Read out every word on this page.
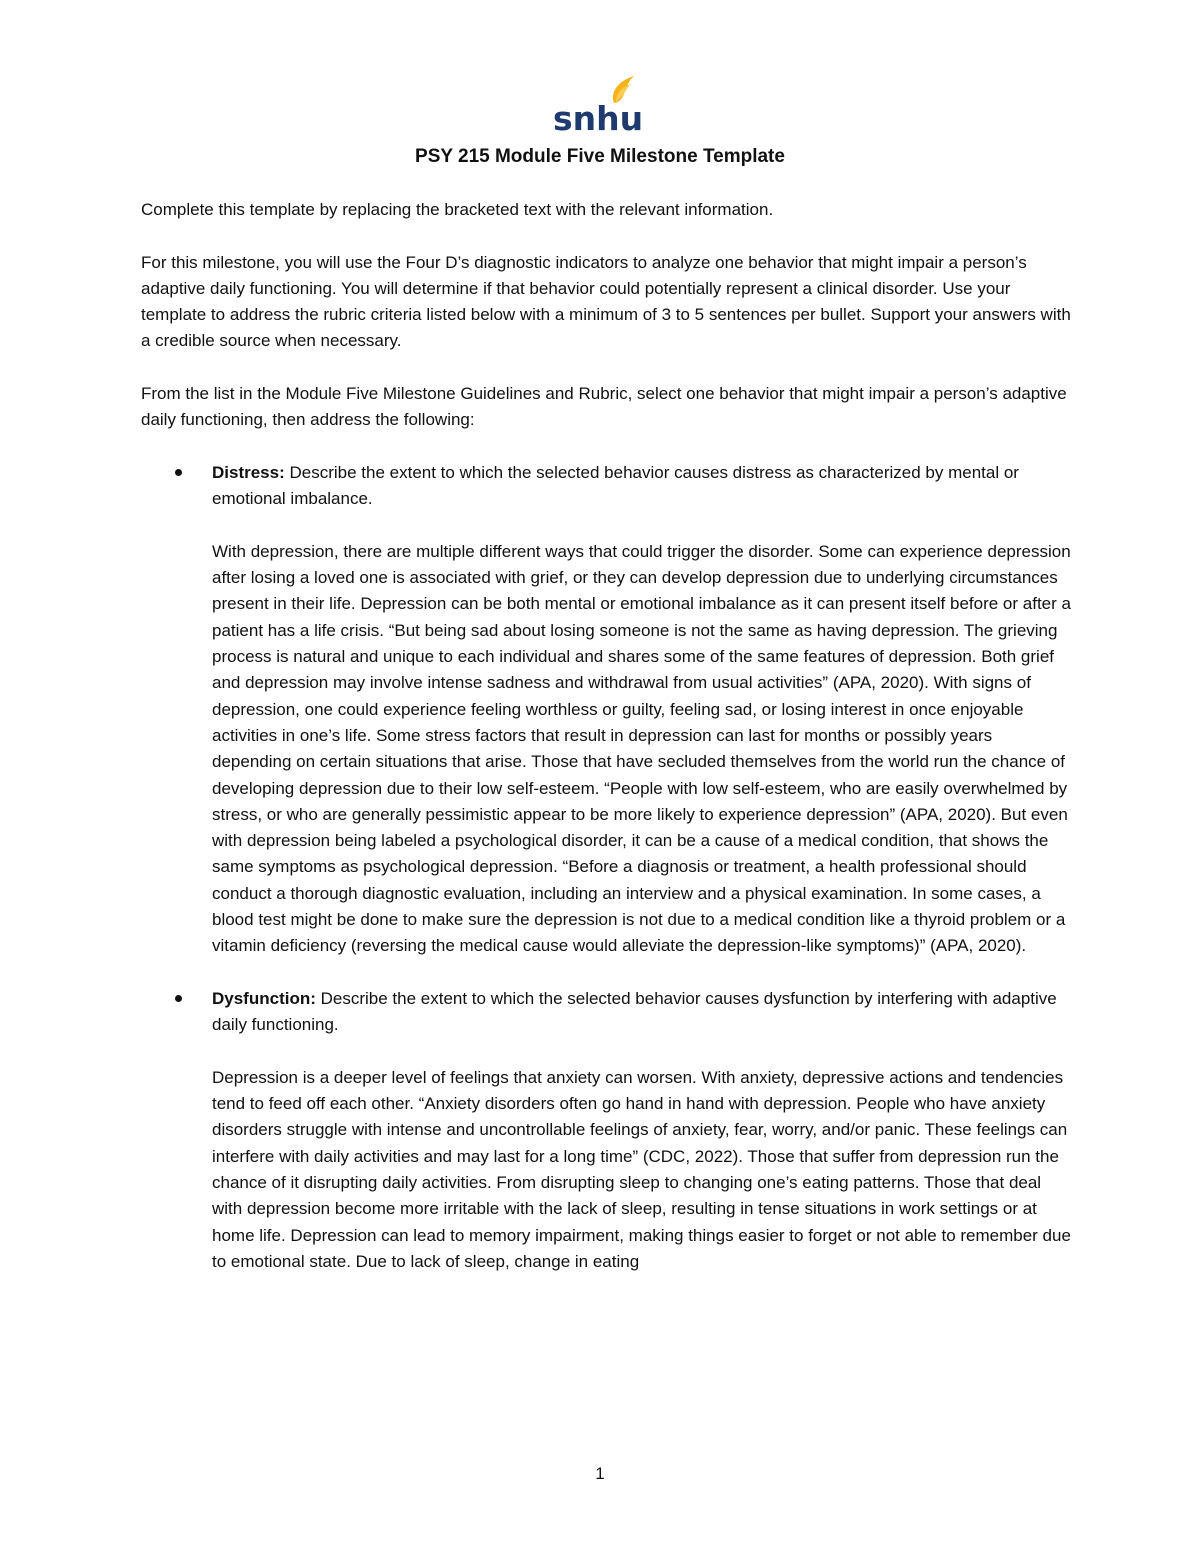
snhu
PSY 215 Module Five Milestone Template

Complete this template by replacing the bracketed text with the relevant information.

For this milestone, you will use the Four D’s diagnostic indicators to analyze one behavior that might impair a person’s adaptive daily functioning. You will determine if that behavior could potentially represent a clinical disorder. Use your template to address the rubric criteria listed below with a minimum of 3 to 5 sentences per bullet. Support your answers with a credible source when necessary.

From the list in the Module Five Milestone Guidelines and Rubric, select one behavior that might impair a person’s adaptive daily functioning, then address the following:

Distress: Describe the extent to which the selected behavior causes distress as characterized by mental or emotional imbalance.

With depression, there are multiple different ways that could trigger the disorder. Some can experience depression after losing a loved one is associated with grief, or they can develop depression due to underlying circumstances present in their life. Depression can be both mental or emotional imbalance as it can present itself before or after a patient has a life crisis. “But being sad about losing someone is not the same as having depression. The grieving process is natural and unique to each individual and shares some of the same features of depression. Both grief and depression may involve intense sadness and withdrawal from usual activities” (APA, 2020). With signs of depression, one could experience feeling worthless or guilty, feeling sad, or losing interest in once enjoyable activities in one’s life. Some stress factors that result in depression can last for months or possibly years depending on certain situations that arise. Those that have secluded themselves from the world run the chance of developing depression due to their low self-esteem. “People with low self-esteem, who are easily overwhelmed by stress, or who are generally pessimistic appear to be more likely to experience depression” (APA, 2020). But even with depression being labeled a psychological disorder, it can be a cause of a medical condition, that shows the same symptoms as psychological depression. “Before a diagnosis or treatment, a health professional should conduct a thorough diagnostic evaluation, including an interview and a physical examination. In some cases, a blood test might be done to make sure the depression is not due to a medical condition like a thyroid problem or a vitamin deficiency (reversing the medical cause would alleviate the depression-like symptoms)” (APA, 2020).

Dysfunction: Describe the extent to which the selected behavior causes dysfunction by interfering with adaptive daily functioning.

Depression is a deeper level of feelings that anxiety can worsen. With anxiety, depressive actions and tendencies tend to feed off each other. “Anxiety disorders often go hand in hand with depression. People who have anxiety disorders struggle with intense and uncontrollable feelings of anxiety, fear, worry, and/or panic. These feelings can interfere with daily activities and may last for a long time” (CDC, 2022). Those that suffer from depression run the chance of it disrupting daily activities. From disrupting sleep to changing one’s eating patterns. Those that deal with depression become more irritable with the lack of sleep, resulting in tense situations in work settings or at home life. Depression can lead to memory impairment, making things easier to forget or not able to remember due to emotional state. Due to lack of sleep, change in eating

1
